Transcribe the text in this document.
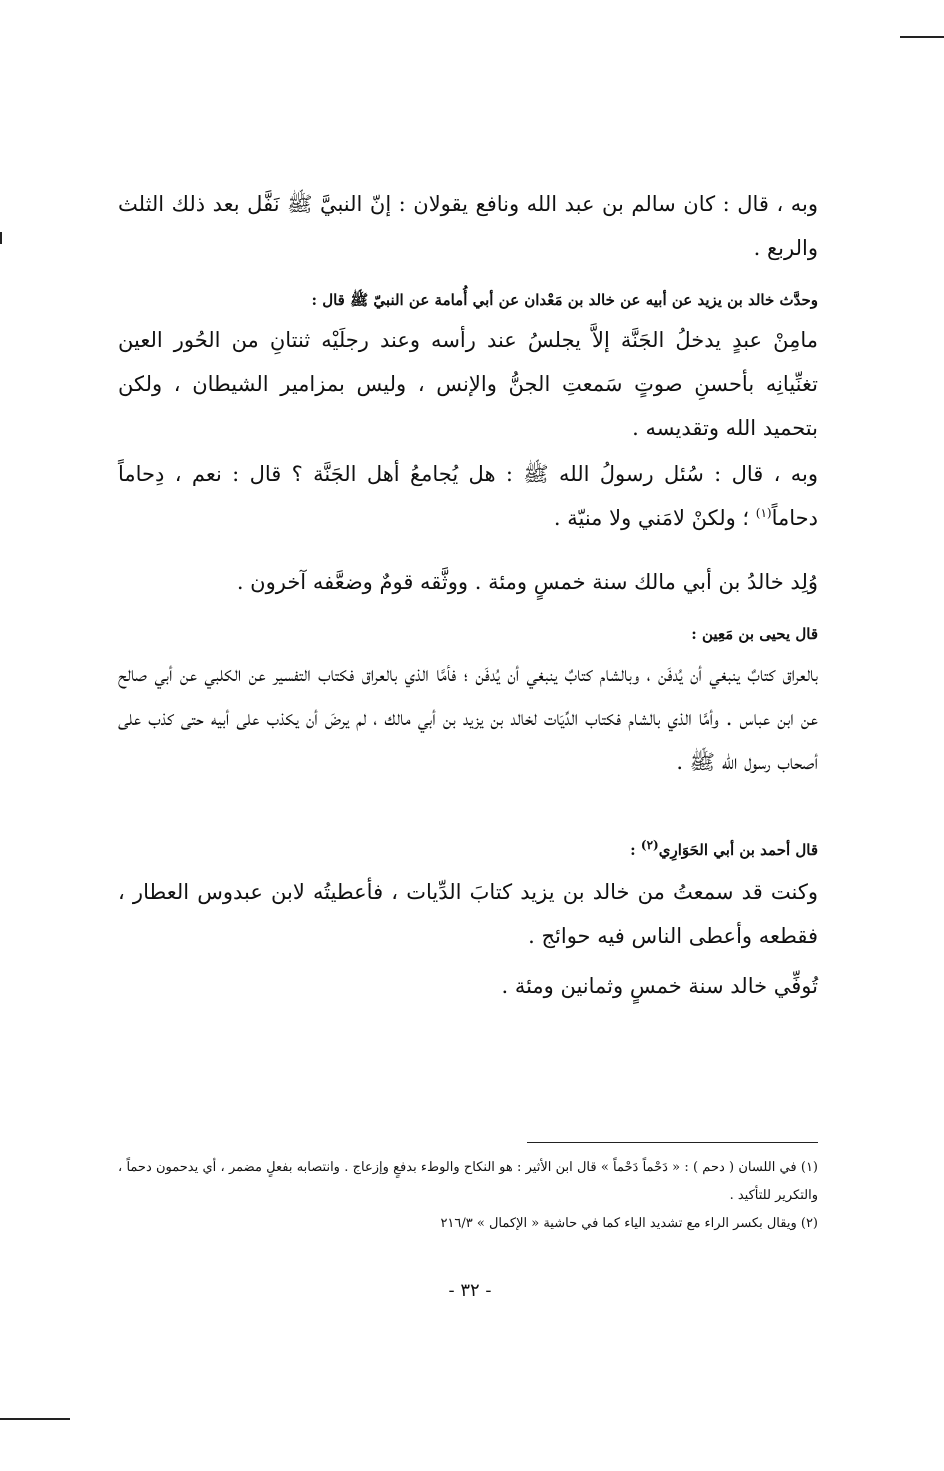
وبه ، قال : كان سالم بن عبد الله ونافع يقولان : إنّ النبيَّ ﷺ نَفَّل بعد ذلك الثلث والربع .

وحدَّث خالد بن يزيد عن أبيه عن خالد بن مَعْدان عن أبي أُمامة عن النبيّ ﷺ قال :

مامِنْ عبدٍ يدخلُ الجَنَّة إلاَّ يجلسُ عند رأسه وعند رجلَيْه ثنتانِ من الحُور العين تغنِّيانِه بأحسنِ صوتٍ سَمعتِ الجنُّ والإنس ، وليس بمزامير الشيطان ، ولكن بتحميد الله وتقديسه .

وبه ، قال : سُئل رسولُ الله ﷺ : هل يُجامعُ أهل الجَنَّة ؟ قال : نعم ، دِحاماً دحاماً$^{(١)}$ ؛ ولكنْ لامَني ولا منيّة .

وُلِد خالدُ بن أبي مالك سنة خمسٍ ومئة . ووثَّقه قومٌ وضعَّفه آخرون .

قال يحيى بن مَعِين :

بالعراق كتابٌ ينبغي أن يُدفَن ، وبالشام كتابٌ ينبغي أن يُدفَن ؛ فأمَّا الذي بالعراق فكتاب التفسير عن الكلبي عن أبي صالح عن ابن عباس . وأمَّا الذي بالشام فكتاب الدِّيَات لخالد بن يزيد بن أبي مالك ، لم يرضَ أن يكذب على أبيه حتى كذب على أصحاب رسول الله ﷺ .

قال أحمد بن أبي الحَوَارِي$^{(٢)}$ :

وكنت قد سمعتُ من خالد بن يزيد كتابَ الدِّيات ، فأعطيتُه لابن عبدوس العطار ، فقطعه وأعطى الناس فيه حوائج .

تُوفِّي خالد سنة خمسٍ وثمانين ومئة .

(١) في اللسان ( دحم ) : « دَحْماً دَحْماً » قال ابن الأثير : هو النكاح والوطء بدفعٍ وإزعاج . وانتصابه بفعلٍ مضمر ، أي يدحمون دحماً ، والتكرير للتأكيد .

(٢) ويقال بكسر الراء مع تشديد الياء كما في حاشية « الإكمال » ٢١٦/٣

- ٣٢ -
